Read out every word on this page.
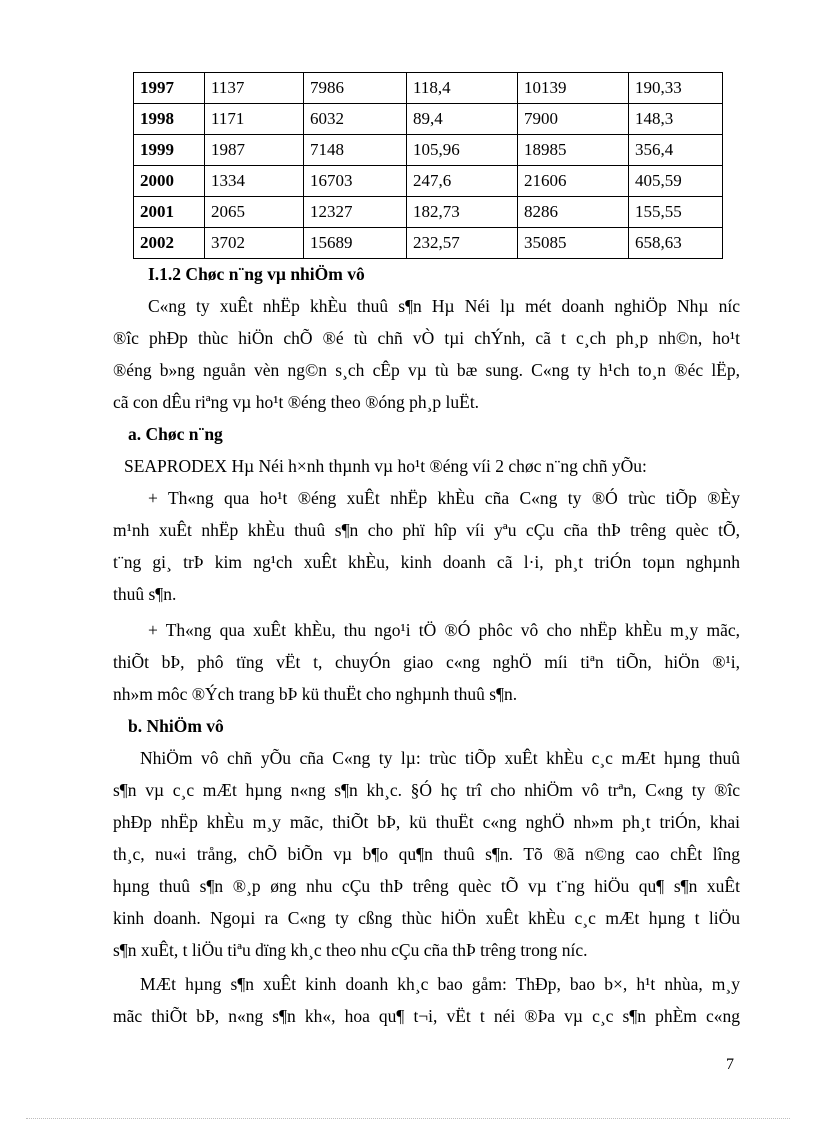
1997	1137	7986	118,4	10139	190,33
1998	1171	6032	89,4	7900	148,3
1999	1987	7148	105,96	18985	356,4
2000	1334	16703	247,6	21606	405,59
2001	2065	12327	182,73	8286	155,55
2002	3702	15689	232,57	35085	658,63

I.1.2 Chøc n¨ng vµ nhiÖm vô

C«ng ty xuÊt nhËp khÈu thuû s¶n Hµ Néi lµ mét doanh nghiÖp Nhµ níc

®îc phÐp thùc hiÖn chÕ ®é tù chñ vÒ tµi chÝnh, cã t c¸ch ph¸p nh©n, ho¹t

®éng b»ng nguån vèn ng©n s¸ch cÊp vµ tù bæ sung. C«ng ty h¹ch to¸n ®éc lËp,

cã con dÊu riªng vµ ho¹t ®éng theo ®óng ph¸p luËt.

a. Chøc n¨ng

SEAPRODEX Hµ Néi h×nh thµnh vµ ho¹t ®éng víi 2 chøc n¨ng chñ yÕu:

+ Th«ng qua ho¹t ®éng xuÊt nhËp khÈu cña C«ng ty ®Ó trùc tiÕp ®Èy

m¹nh xuÊt nhËp khÈu thuû s¶n cho phï hîp víi yªu cÇu cña thÞ trêng quèc tÕ,

t¨ng gi¸ trÞ kim ng¹ch xuÊt khÈu, kinh doanh cã l·i, ph¸t triÓn toµn nghµnh

thuû s¶n.

+ Th«ng qua xuÊt khÈu, thu ngo¹i tÖ ®Ó phôc vô cho nhËp khÈu m¸y mãc,

thiÕt bÞ, phô tïng vËt t, chuyÓn giao c«ng nghÖ míi tiªn tiÕn, hiÖn ®¹i,

nh»m môc ®Ých trang bÞ kü thuËt cho nghµnh thuû s¶n.

b. NhiÖm vô

NhiÖm vô chñ yÕu cña C«ng ty lµ: trùc tiÕp xuÊt khÈu c¸c mÆt hµng thuû

s¶n vµ c¸c mÆt hµng n«ng s¶n kh¸c. §Ó hç trî cho nhiÖm vô trªn, C«ng ty ®îc

phÐp nhËp khÈu m¸y mãc, thiÕt bÞ, kü thuËt c«ng nghÖ nh»m ph¸t triÓn, khai

th¸c, nu«i trång, chÕ biÕn vµ b¶o qu¶n thuû s¶n. Tõ ®ã n©ng cao chÊt lîng

hµng thuû s¶n ®¸p øng nhu cÇu thÞ trêng quèc tÕ vµ t¨ng hiÖu qu¶ s¶n xuÊt

kinh doanh. Ngoµi ra C«ng ty cßng thùc hiÖn xuÊt khÈu c¸c mÆt hµng t liÖu

s¶n xuÊt, t liÖu tiªu dïng kh¸c theo nhu cÇu cña thÞ trêng trong níc.

MÆt hµng s¶n xuÊt kinh doanh kh¸c bao gåm: ThÐp, bao b×, h¹t nhùa, m¸y

mãc thiÕt bÞ, n«ng s¶n kh«, hoa qu¶ t¬i, vËt t néi ®Þa vµ c¸c s¶n phÈm c«ng

7
